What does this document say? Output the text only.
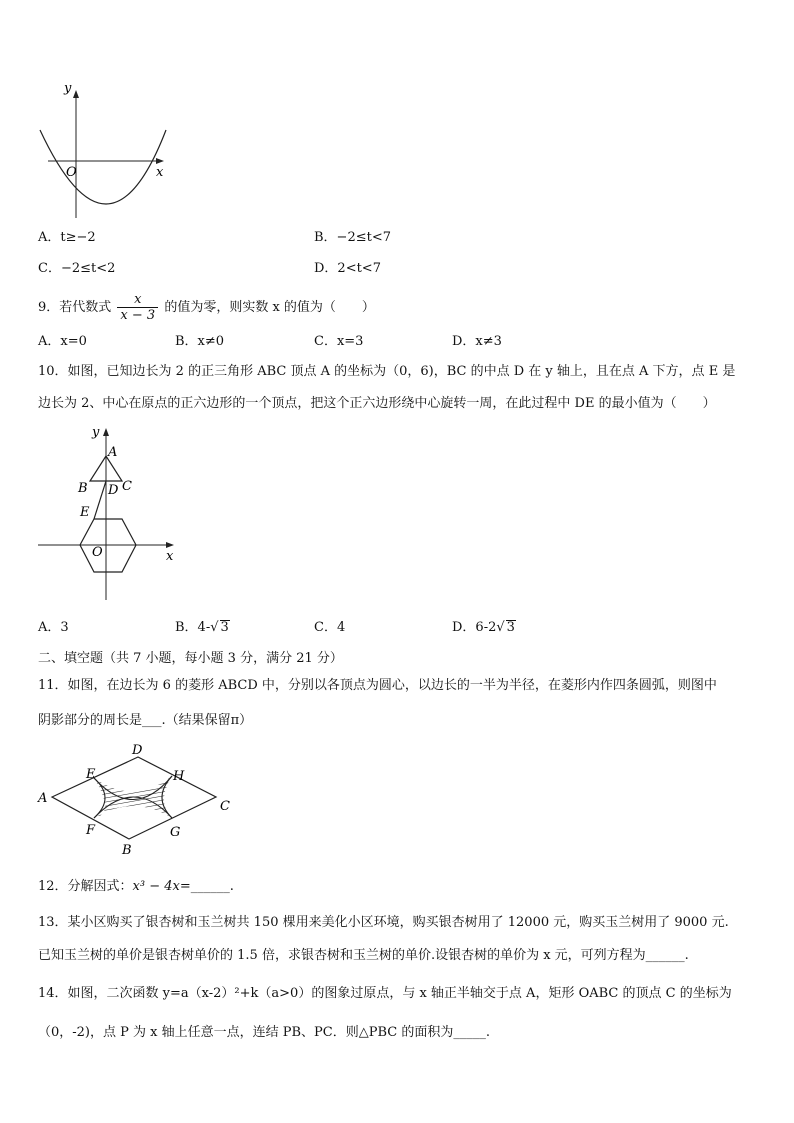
y
O	x
A．t≥−2	B．−2≤t<7
C．−2≤t<2	D．2<t<7
9．若代数式 $\frac{x}{x - 3}$ 的值为零，则实数 x 的值为（　　）
A．x=0	B．x≠0	C．x=3	D．x≠3
10．如图，已知边长为 2 的正三角形 ABC 顶点 A 的坐标为（0，6)，BC 的中点 D 在 y 轴上，且在点 A 下方，点 E 是
边长为 2、中心在原点的正六边形的一个顶点，把这个正六边形绕中心旋转一周，在此过程中 DE 的最小值为（　　）
y
A
B D C
E
O	x
A．3	B．4-√ 3	C．4	D．6-2√ 3
二、填空题（共 7 小题，每小题 3 分，满分 21 分）
11．如图，在边长为 6 的菱形 ABCD 中，分别以各顶点为圆心，以边长的一半为半径，在菱形内作四条圆弧，则图中
阴影部分的周长是___.（结果保留π）
D
E	H
A
C
F	G
B
12．分解因式：x³ − 4x=______.
13．某小区购买了银杏树和玉兰树共 150 棵用来美化小区环境，购买银杏树用了 12000 元，购买玉兰树用了 9000 元.
已知玉兰树的单价是银杏树单价的 1.5 倍，求银杏树和玉兰树的单价.设银杏树的单价为 x 元，可列方程为______.
14．如图，二次函数 y=a（x-2）²+k（a>0）的图象过原点，与 x 轴正半轴交于点 A，矩形 OABC 的顶点 C 的坐标为
（0，-2)，点 P 为 x 轴上任意一点，连结 PB、PC．则△PBC 的面积为_____.
